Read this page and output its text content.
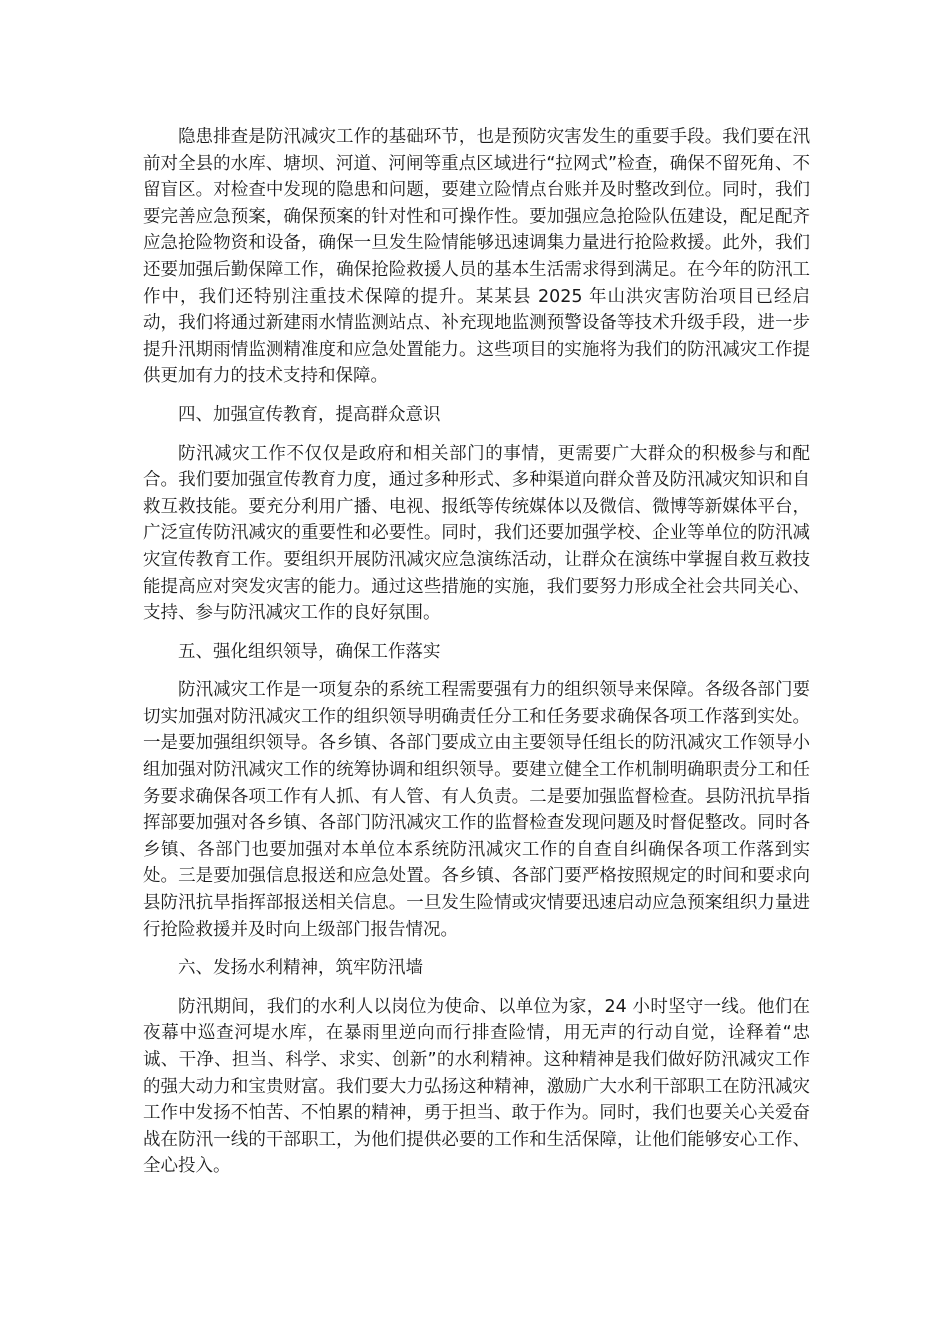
隐患排查是防汛减灾工作的基础环节，也是预防灾害发生的重要手段。我们要在汛前对全县的水库、塘坝、河道、河闸等重点区域进行“拉网式”检查，确保不留死角、不留盲区。对检查中发现的隐患和问题，要建立险情点台账并及时整改到位。同时，我们要完善应急预案，确保预案的针对性和可操作性。要加强应急抢险队伍建设，配足配齐应急抢险物资和设备，确保一旦发生险情能够迅速调集力量进行抢险救援。此外，我们还要加强后勤保障工作，确保抢险救援人员的基本生活需求得到满足。在今年的防汛工作中，我们还特别注重技术保障的提升。某某县 2025 年山洪灾害防治项目已经启动，我们将通过新建雨水情监测站点、补充现地监测预警设备等技术升级手段，进一步提升汛期雨情监测精准度和应急处置能力。这些项目的实施将为我们的防汛减灾工作提供更加有力的技术支持和保障。

四、加强宣传教育，提高群众意识

防汛减灾工作不仅仅是政府和相关部门的事情，更需要广大群众的积极参与和配合。我们要加强宣传教育力度，通过多种形式、多种渠道向群众普及防汛减灾知识和自救互救技能。要充分利用广播、电视、报纸等传统媒体以及微信、微博等新媒体平台，广泛宣传防汛减灾的重要性和必要性。同时，我们还要加强学校、企业等单位的防汛减灾宣传教育工作。要组织开展防汛减灾应急演练活动，让群众在演练中掌握自救互救技能提高应对突发灾害的能力。通过这些措施的实施，我们要努力形成全社会共同关心、支持、参与防汛减灾工作的良好氛围。

五、强化组织领导，确保工作落实

防汛减灾工作是一项复杂的系统工程需要强有力的组织领导来保障。各级各部门要切实加强对防汛减灾工作的组织领导明确责任分工和任务要求确保各项工作落到实处。一是要加强组织领导。各乡镇、各部门要成立由主要领导任组长的防汛减灾工作领导小组加强对防汛减灾工作的统筹协调和组织领导。要建立健全工作机制明确职责分工和任务要求确保各项工作有人抓、有人管、有人负责。二是要加强监督检查。县防汛抗旱指挥部要加强对各乡镇、各部门防汛减灾工作的监督检查发现问题及时督促整改。同时各乡镇、各部门也要加强对本单位本系统防汛减灾工作的自查自纠确保各项工作落到实处。三是要加强信息报送和应急处置。各乡镇、各部门要严格按照规定的时间和要求向县防汛抗旱指挥部报送相关信息。一旦发生险情或灾情要迅速启动应急预案组织力量进行抢险救援并及时向上级部门报告情况。

六、发扬水利精神，筑牢防汛墙

防汛期间，我们的水利人以岗位为使命、以单位为家，24 小时坚守一线。他们在夜幕中巡查河堤水库，在暴雨里逆向而行排查险情，用无声的行动自觉，诠释着“忠诚、干净、担当、科学、求实、创新”的水利精神。这种精神是我们做好防汛减灾工作的强大动力和宝贵财富。我们要大力弘扬这种精神，激励广大水利干部职工在防汛减灾工作中发扬不怕苦、不怕累的精神，勇于担当、敢于作为。同时，我们也要关心关爱奋战在防汛一线的干部职工，为他们提供必要的工作和生活保障，让他们能够安心工作、全心投入。
